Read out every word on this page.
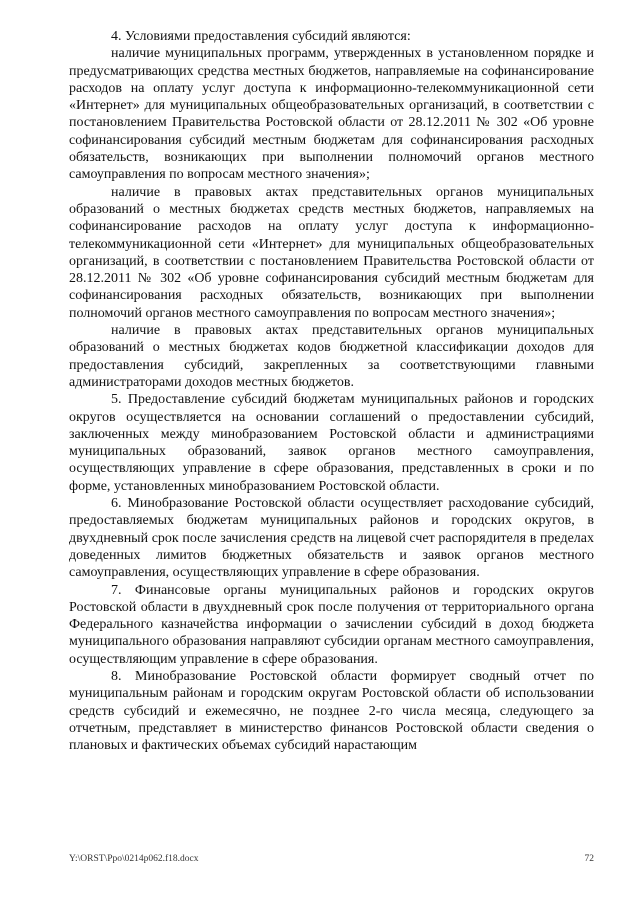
4. Условиями предоставления субсидий являются:

наличие муниципальных программ, утвержденных в установленном порядке и предусматривающих средства местных бюджетов, направляемые на софинансирование расходов на оплату услуг доступа к информационно-телекоммуникационной сети «Интернет» для муниципальных общеобразовательных организаций, в соответствии с постановлением Правительства Ростовской области от 28.12.2011 № 302 «Об уровне софинансирования субсидий местным бюджетам для софинансирования расходных обязательств, возникающих при выполнении полномочий органов местного самоуправления по вопросам местного значения»;

наличие в правовых актах представительных органов муниципальных образований о местных бюджетах средств местных бюджетов, направляемых на софинансирование расходов на оплату услуг доступа к информационно-телекоммуникационной сети «Интернет» для муниципальных общеобразовательных организаций, в соответствии с постановлением Правительства Ростовской области от 28.12.2011 № 302 «Об уровне софинансирования субсидий местным бюджетам для софинансирования расходных обязательств, возникающих при выполнении полномочий органов местного самоуправления по вопросам местного значения»;

наличие в правовых актах представительных органов муниципальных образований о местных бюджетах кодов бюджетной классификации доходов для предоставления субсидий, закрепленных за соответствующими главными администраторами доходов местных бюджетов.

5. Предоставление субсидий бюджетам муниципальных районов и городских округов осуществляется на основании соглашений о предоставлении субсидий, заключенных между минобразованием Ростовской области и администрациями муниципальных образований, заявок органов местного самоуправления, осуществляющих управление в сфере образования, представленных в сроки и по форме, установленных минобразованием Ростовской области.

6. Минобразование Ростовской области осуществляет расходование субсидий, предоставляемых бюджетам муниципальных районов и городских округов, в двухдневный срок после зачисления средств на лицевой счет распорядителя в пределах доведенных лимитов бюджетных обязательств и заявок органов местного самоуправления, осуществляющих управление в сфере образования.

7. Финансовые органы муниципальных районов и городских округов Ростовской области в двухдневный срок после получения от территориального органа Федерального казначейства информации о зачислении субсидий в доход бюджета муниципального образования направляют субсидии органам местного самоуправления, осуществляющим управление в сфере образования.

8. Минобразование Ростовской области формирует сводный отчет по муниципальным районам и городским округам Ростовской области об использовании средств субсидий и ежемесячно, не позднее 2-го числа месяца, следующего за отчетным, представляет в министерство финансов Ростовской области сведения о плановых и фактических объемах субсидий нарастающим

Y:\ORST\Ppo\0214p062.f18.docx	72
